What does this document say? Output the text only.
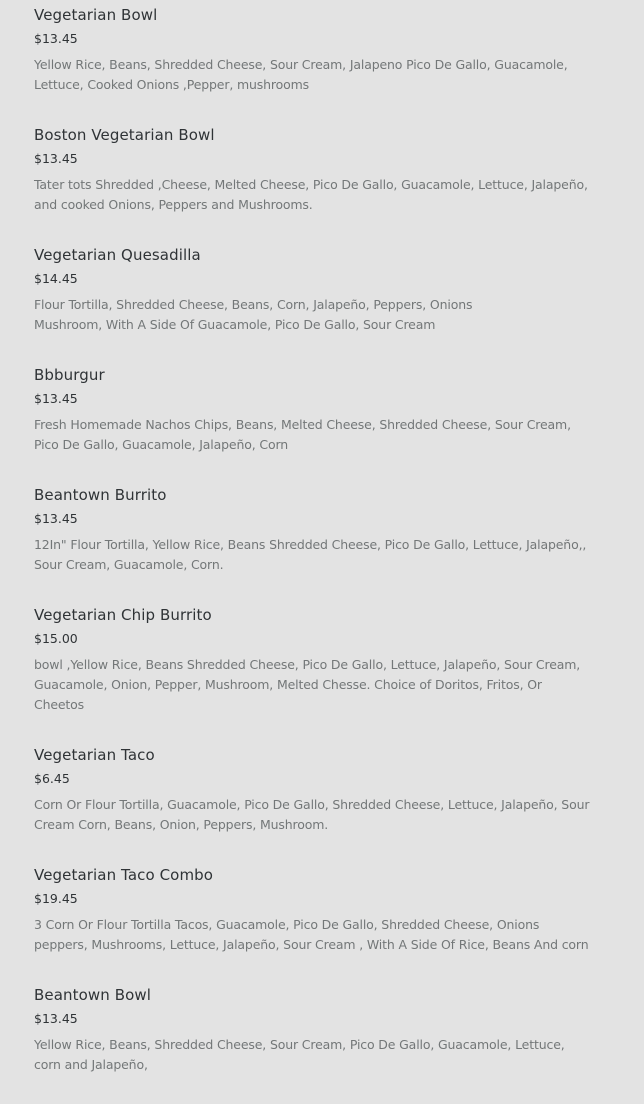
Vegetarian Bowl
$13.45
Yellow Rice, Beans, Shredded Cheese, Sour Cream, Jalapeno Pico De Gallo, Guacamole,
Lettuce, Cooked Onions ,Pepper, mushrooms
Boston Vegetarian Bowl
$13.45
Tater tots Shredded ,Cheese, Melted Cheese, Pico De Gallo, Guacamole, Lettuce, Jalapeño,
and cooked Onions, Peppers and Mushrooms.
Vegetarian Quesadilla
$14.45
Flour Tortilla, Shredded Cheese, Beans, Corn, Jalapeño, Peppers, Onions
Mushroom, With A Side Of Guacamole, Pico De Gallo, Sour Cream
Bbburgur
$13.45
Fresh Homemade Nachos Chips, Beans, Melted Cheese, Shredded Cheese, Sour Cream,
Pico De Gallo, Guacamole, Jalapeño, Corn
Beantown Burrito
$13.45
12In" Flour Tortilla, Yellow Rice, Beans Shredded Cheese, Pico De Gallo, Lettuce, Jalapeño,,
Sour Cream, Guacamole, Corn.
Vegetarian Chip Burrito
$15.00
bowl ,Yellow Rice, Beans Shredded Cheese, Pico De Gallo, Lettuce, Jalapeño, Sour Cream,
Guacamole, Onion, Pepper, Mushroom, Melted Chesse. Choice of Doritos, Fritos, Or
Cheetos
Vegetarian Taco
$6.45
Corn Or Flour Tortilla, Guacamole, Pico De Gallo, Shredded Cheese, Lettuce, Jalapeño, Sour
Cream Corn, Beans, Onion, Peppers, Mushroom.
Vegetarian Taco Combo
$19.45
3 Corn Or Flour Tortilla Tacos, Guacamole, Pico De Gallo, Shredded Cheese, Onions
peppers, Mushrooms, Lettuce, Jalapeño, Sour Cream , With A Side Of Rice, Beans And corn
Beantown Bowl
$13.45
Yellow Rice, Beans, Shredded Cheese, Sour Cream, Pico De Gallo, Guacamole, Lettuce,
corn and Jalapeño,
